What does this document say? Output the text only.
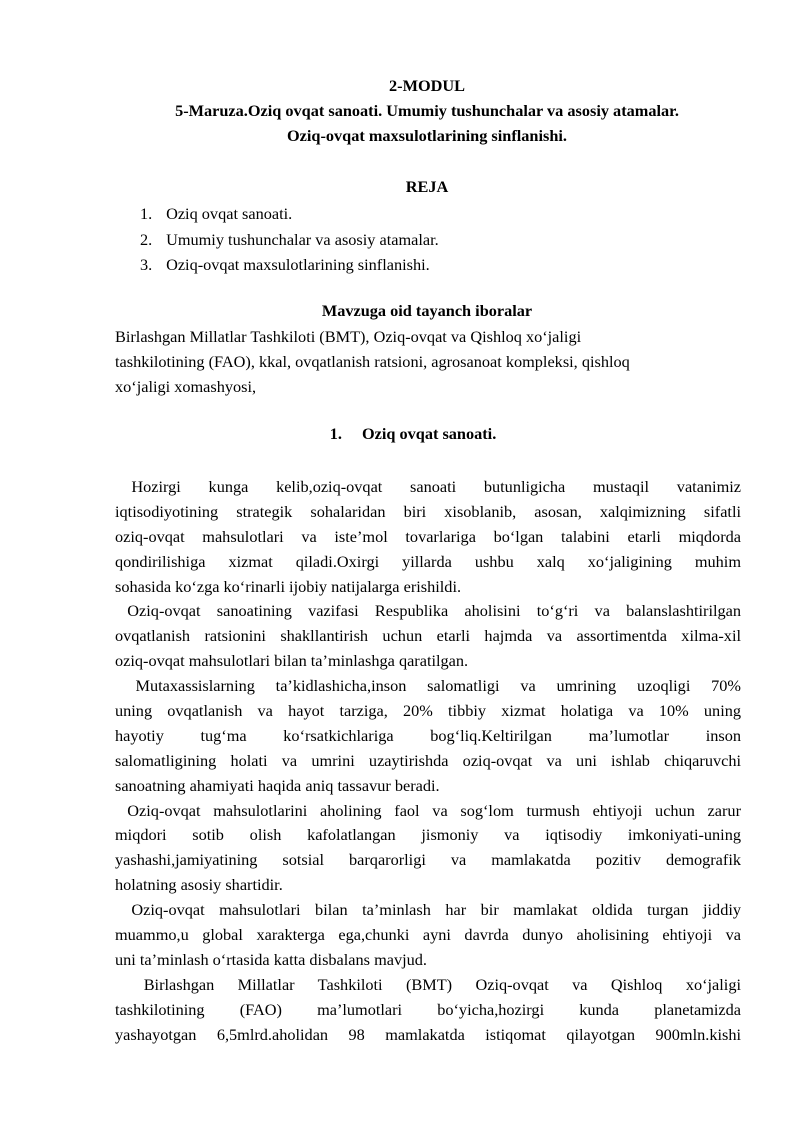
2-MODUL
5-Maruza.Oziq ovqat sanoati. Umumiy tushunchalar va asosiy atamalar.
Oziq-ovqat maxsulotlarining sinflanishi.
REJA
1. Oziq ovqat sanoati.
2. Umumiy tushunchalar va asosiy atamalar.
3. Oziq-ovqat maxsulotlarining sinflanishi.
Mavzuga oid tayanch iboralar
Birlashgan Millatlar Tashkiloti (BMT), Oziq-ovqat va Qishloq xo‘jaligi
tashkilotining (FAO), kkal, ovqatlanish ratsioni, agrosanoat kompleksi, qishloq
xo‘jaligi xomashyosi,
1. Oziq ovqat sanoati.
Hozirgi kunga kelib,oziq-ovqat sanoati butunligicha mustaqil vatanimiz
iqtisodiyotining strategik sohalaridan biri xisoblanib, asosan, xalqimizning sifatli
oziq-ovqat mahsulotlari va iste’mol tovarlariga bo‘lgan talabini etarli miqdorda
qondirilishiga xizmat qiladi.Oxirgi yillarda ushbu xalq xo‘jaligining muhim
sohasida ko‘zga ko‘rinarli ijobiy natijalarga erishildi.
Oziq-ovqat sanoatining vazifasi Respublika aholisini to‘g‘ri va balanslashtirilgan
ovqatlanish ratsionini shakllantirish uchun etarli hajmda va assortimentda xilma-xil
oziq-ovqat mahsulotlari bilan ta’minlashga qaratilgan.
Mutaxassislarning ta’kidlashicha,inson salomatligi va umrining uzoqligi 70%
uning ovqatlanish va hayot tarziga, 20% tibbiy xizmat holatiga va 10% uning
hayotiy tug‘ma ko‘rsatkichlariga bog‘liq.Keltirilgan ma’lumotlar inson
salomatligining holati va umrini uzaytirishda oziq-ovqat va uni ishlab chiqaruvchi
sanoatning ahamiyati haqida aniq tassavur beradi.
Oziq-ovqat mahsulotlarini aholining faol va sog‘lom turmush ehtiyoji uchun zarur
miqdori sotib olish kafolatlangan jismoniy va iqtisodiy imkoniyati-uning
yashashi,jamiyatining sotsial barqarorligi va mamlakatda pozitiv demografik
holatning asosiy shartidir.
Oziq-ovqat mahsulotlari bilan ta’minlash har bir mamlakat oldida turgan jiddiy
muammo,u global xarakterga ega,chunki ayni davrda dunyo aholisining ehtiyoji va
uni ta’minlash o‘rtasida katta disbalans mavjud.
Birlashgan Millatlar Tashkiloti (BMT) Oziq-ovqat va Qishloq xo‘jaligi
tashkilotining (FAO) ma’lumotlari bo‘yicha,hozirgi kunda planetamizda
yashayotgan 6,5mlrd.aholidan 98 mamlakatda istiqomat qilayotgan 900mln.kishi
